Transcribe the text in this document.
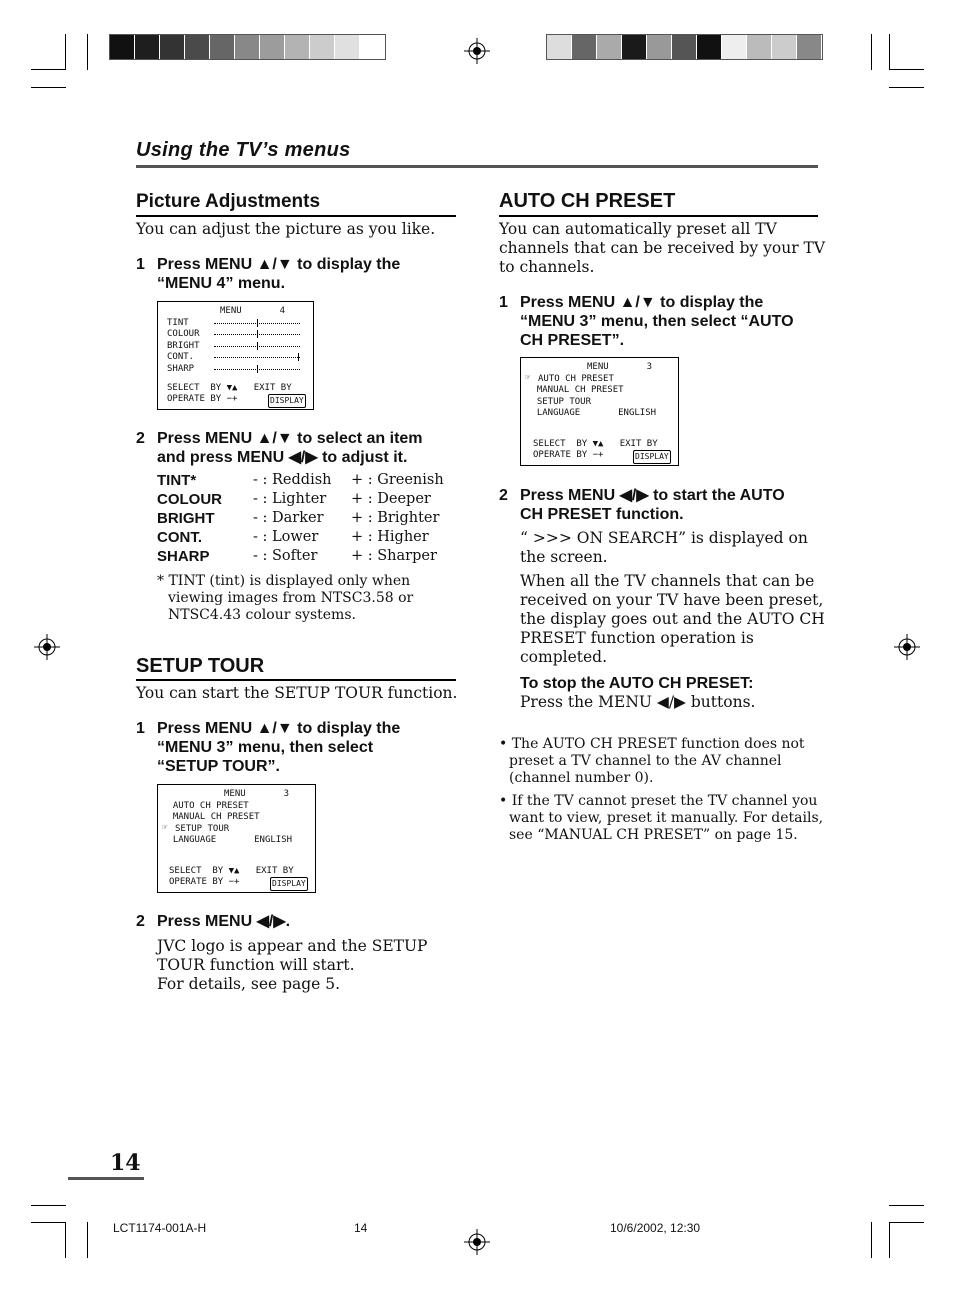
Using the TV’s menus
Picture Adjustments
You can adjust the picture as you like.
1 Press MENU ▲/▼ to display the
“MENU 4” menu.
MENU       4
TINT
COLOUR
BRIGHT
CONT.
SHARP
SELECT  BY ▼▲   EXIT BY
OPERATE BY −+	DISPLAY
2 Press MENU ▲/▼ to select an item
and press MENU ◀/▶ to adjust it.
TINT*	- : Reddish + : Greenish
COLOUR - : Lighter + : Deeper
BRIGHT	- : Darker + : Brighter
CONT.	- : Lower + : Higher
SHARP	- : Softer + : Sharper
* TINT (tint) is displayed only when
viewing images from NTSC3.58 or
NTSC4.43 colour systems.
SETUP TOUR
You can start the SETUP TOUR function.
1 Press MENU ▲/▼ to display the
“MENU 3” menu, then select
“SETUP TOUR”.
MENU       3
AUTO CH PRESET
MANUAL CH PRESET
☞ SETUP TOUR
LANGUAGE       ENGLISH
SELECT  BY ▼▲   EXIT BY
OPERATE BY −+	DISPLAY
Press MENU ◀/▶.
2
JVC logo is appear and the SETUP
TOUR function will start.
For details, see page 5.
AUTO CH PRESET
You can automatically preset all TV
channels that can be received by your TV
to channels.
1 Press MENU ▲/▼ to display the
“MENU 3” menu, then select “AUTO
CH PRESET”.
MENU       3
☞ AUTO CH PRESET
MANUAL CH PRESET
SETUP TOUR
LANGUAGE       ENGLISH
SELECT  BY ▼▲   EXIT BY
OPERATE BY −+	DISPLAY
2 Press MENU ◀/▶ to start the AUTO
CH PRESET function.
“ >>> ON SEARCH” is displayed on
the screen.
When all the TV channels that can be
received on your TV have been preset,
the display goes out and the AUTO CH
PRESET function operation is
completed.
To stop the AUTO CH PRESET:
Press the MENU ◀/▶ buttons.
• The AUTO CH PRESET function does not
preset a TV channel to the AV channel
(channel number 0).
• If the TV cannot preset the TV channel you
want to view, preset it manually. For details,
see “MANUAL CH PRESET” on page 15.
14
LCT1174-001A-H	14	10/6/2002, 12:30
